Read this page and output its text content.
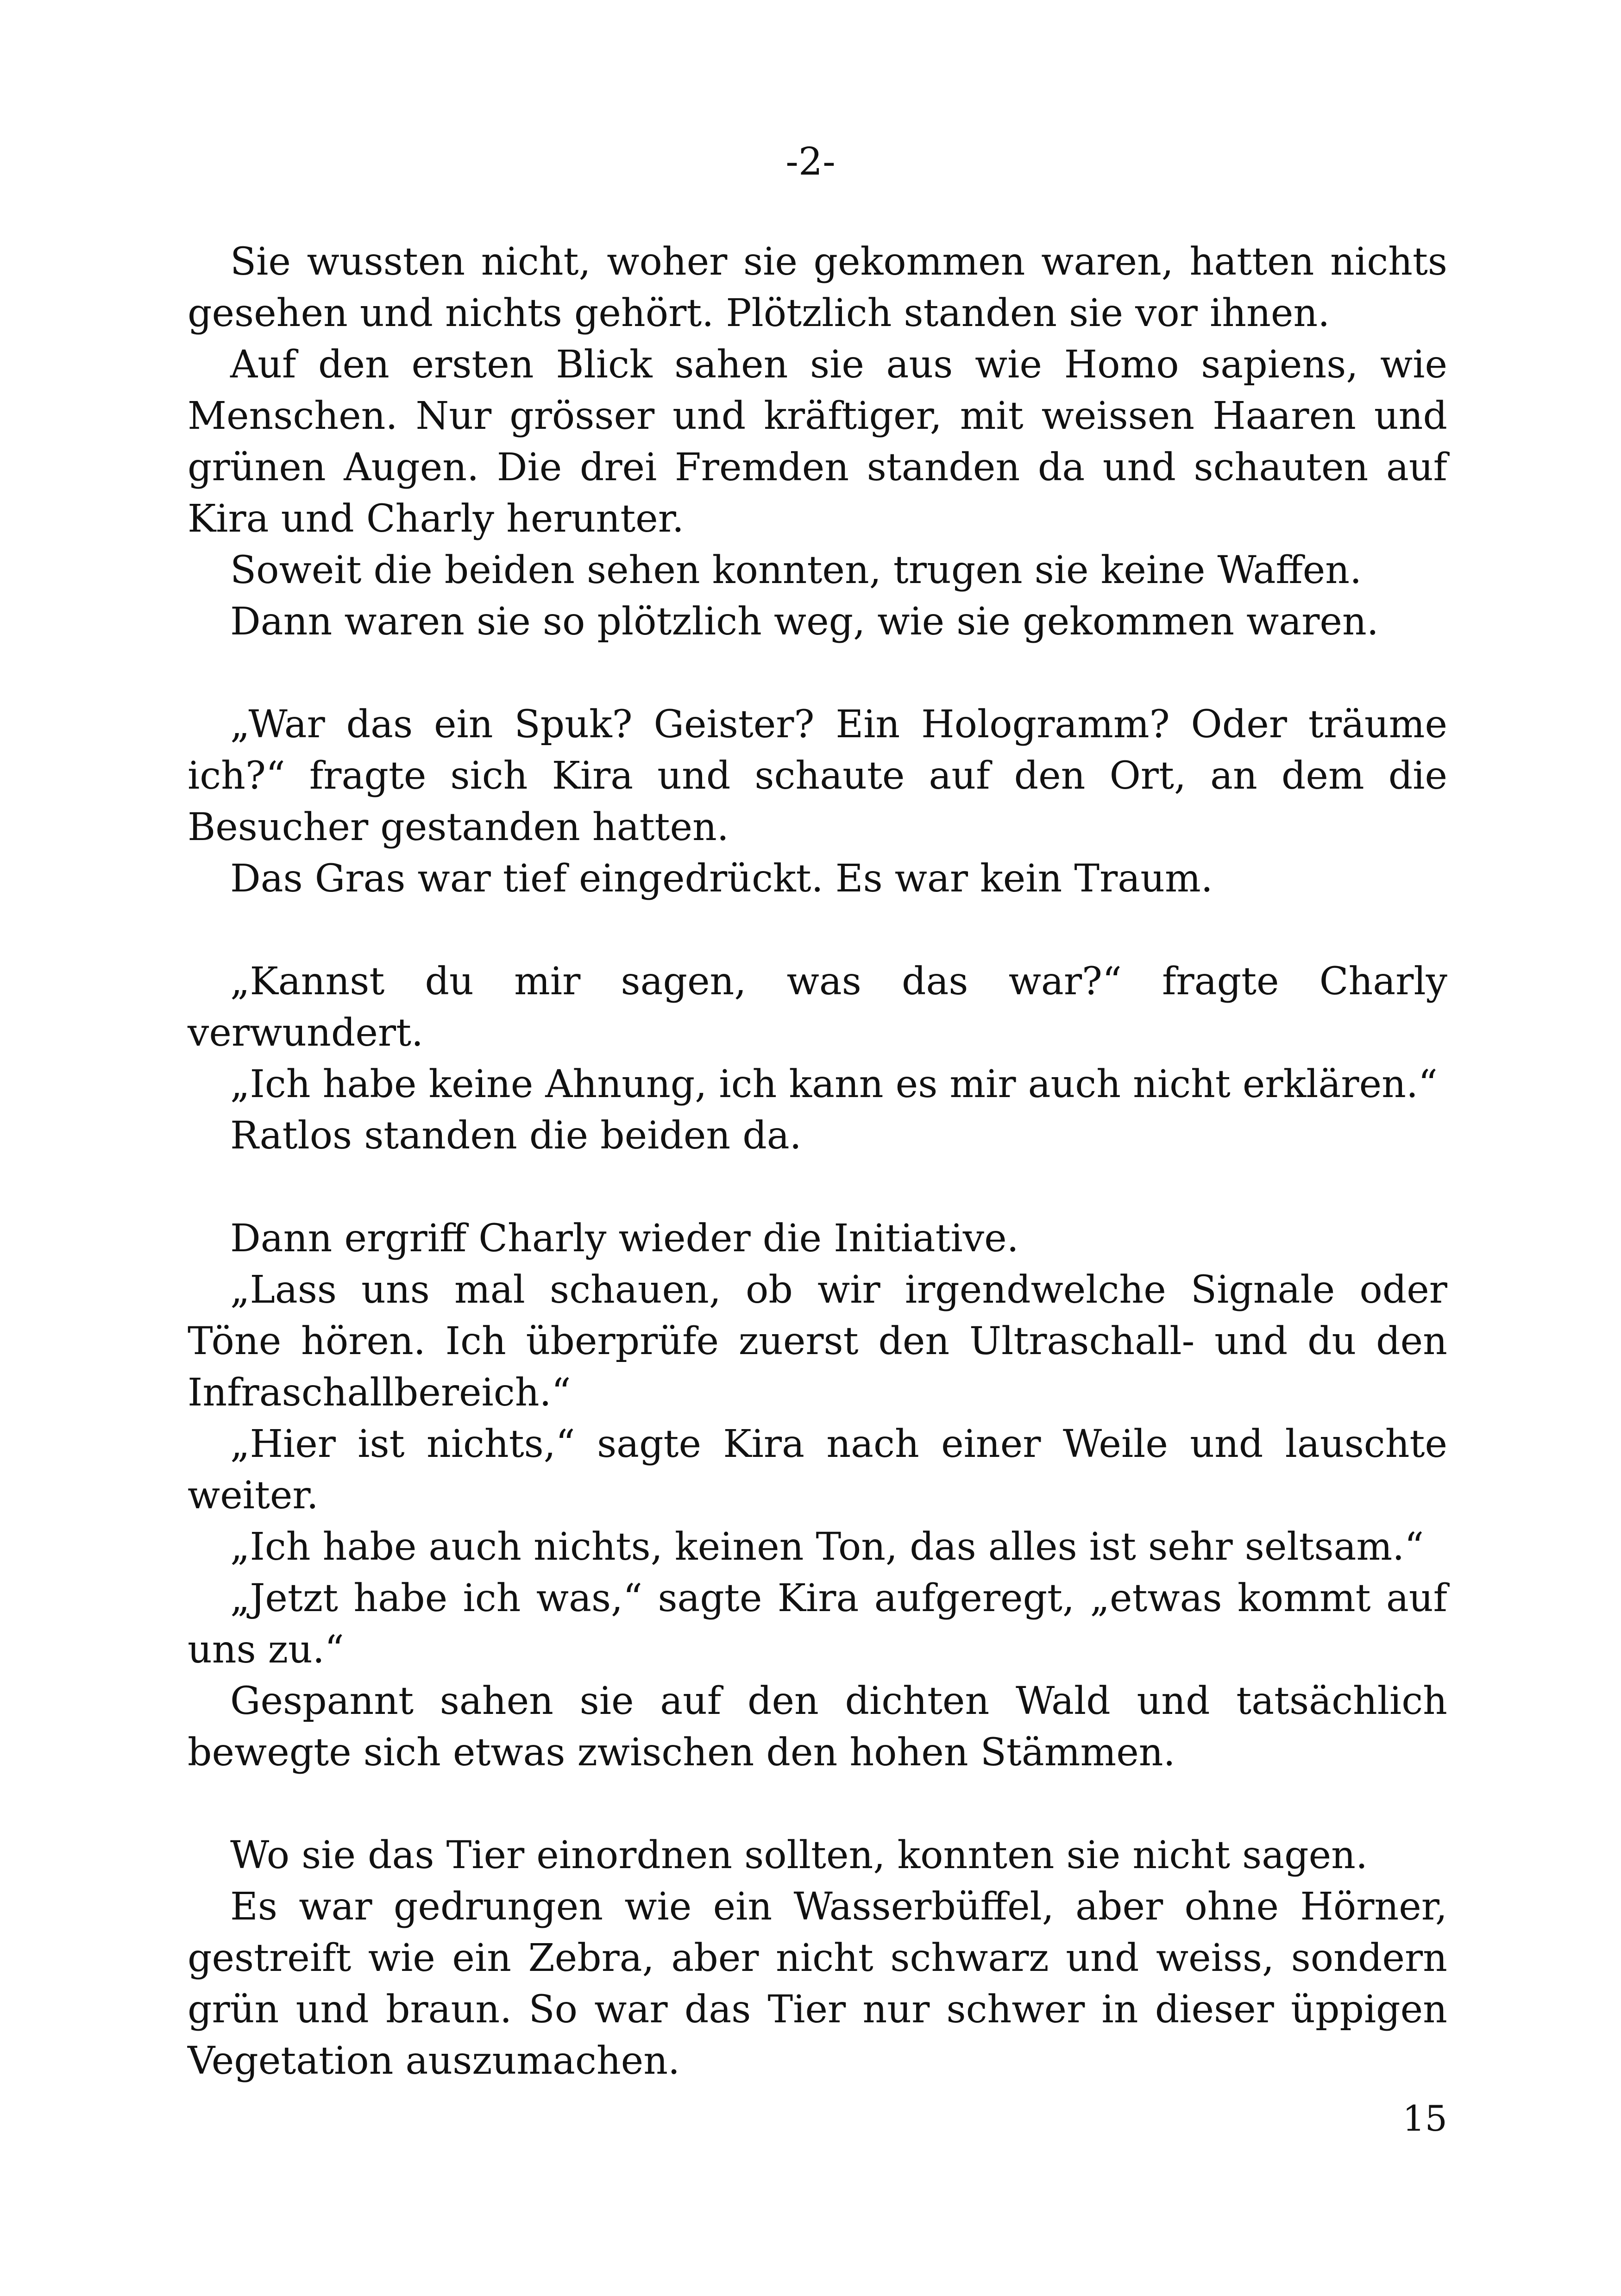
-2-

Sie wussten nicht, woher sie gekommen waren, hatten nichts gesehen und nichts gehört. Plötzlich standen sie vor ihnen.

Auf den ersten Blick sahen sie aus wie Homo sapiens, wie Menschen. Nur grösser und kräftiger, mit weissen Haaren und grünen Augen. Die drei Fremden standen da und schauten auf Kira und Charly herunter.

Soweit die beiden sehen konnten, trugen sie keine Waffen.

Dann waren sie so plötzlich weg, wie sie gekommen waren.

„War das ein Spuk? Geister? Ein Hologramm? Oder träume ich?“ fragte sich Kira und schaute auf den Ort, an dem die Besucher gestanden hatten.

Das Gras war tief eingedrückt. Es war kein Traum.

„Kannst du mir sagen, was das war?“ fragte Charly verwundert.

„Ich habe keine Ahnung, ich kann es mir auch nicht erklären.“

Ratlos standen die beiden da.

Dann ergriff Charly wieder die Initiative.

„Lass uns mal schauen, ob wir irgendwelche Signale oder Töne hören. Ich überprüfe zuerst den Ultraschall- und du den Infraschallbereich.“

„Hier ist nichts,“ sagte Kira nach einer Weile und lauschte weiter.

„Ich habe auch nichts, keinen Ton, das alles ist sehr seltsam.“

„Jetzt habe ich was,“ sagte Kira aufgeregt, „etwas kommt auf uns zu.“

Gespannt sahen sie auf den dichten Wald und tatsächlich bewegte sich etwas zwischen den hohen Stämmen.

Wo sie das Tier einordnen sollten, konnten sie nicht sagen.

Es war gedrungen wie ein Wasserbüffel, aber ohne Hörner, gestreift wie ein Zebra, aber nicht schwarz und weiss, sondern grün und braun. So war das Tier nur schwer in dieser üppigen Vegetation auszumachen.

15
